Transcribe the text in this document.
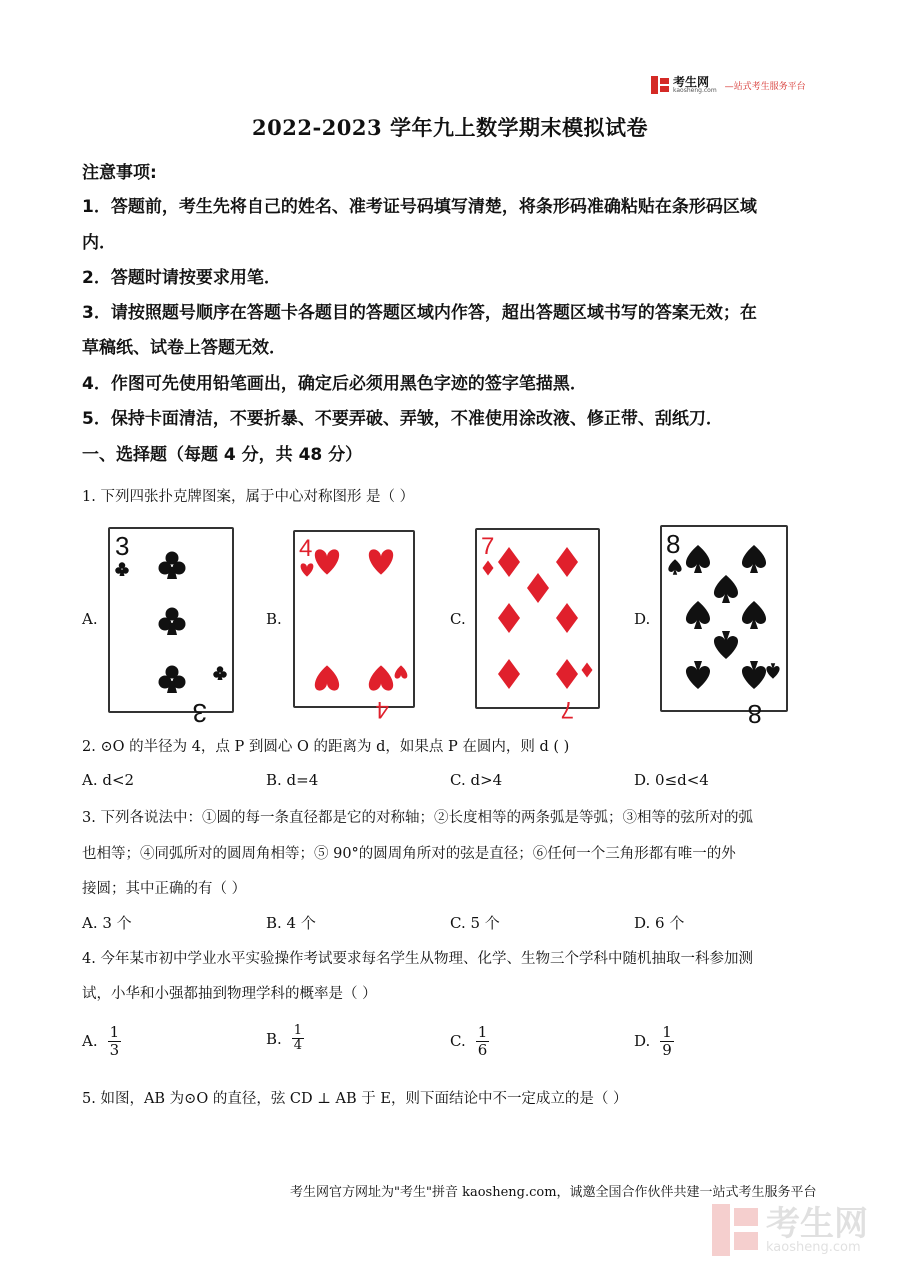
考生网
kaosheng.com —站式考生服务平台
2022-2023 学年九上数学期末模拟试卷
注意事项:
1．答题前，考生先将自己的姓名、准考证号码填写清楚，将条形码准确粘贴在条形码区域
内．
2．答题时请按要求用笔．
3．请按照题号顺序在答题卡各题目的答题区域内作答，超出答题区域书写的答案无效；在
草稿纸、试卷上答题无效．
4．作图可先使用铅笔画出，确定后必须用黑色字迹的签字笔描黑．
5．保持卡面清洁，不要折暴、不要弄破、弄皱，不准使用涂改液、修正带、刮纸刀．
一、选择题（每题 4 分，共 48 分）
1. 下列四张扑克牌图案，属于中心对称图形 是（ ）
A.
3
3
B.
4
4
C.
7
7
D.
8
8
2. ⊙O 的半径为 4，点 P 到圆心 O 的距离为 d，如果点 P 在圆内，则 d ( )
A. d<2	B. d=4	C. d>4	D. 0≤d<4
3. 下列各说法中：①圆的每一条直径都是它的对称轴；②长度相等的两条弧是等弧；③相等的弦所对的弧
也相等；④同弧所对的圆周角相等；⑤ 90°的圆周角所对的弦是直径；⑥任何一个三角形都有唯一的外
接圆；其中正确的有（ ）
A. 3 个	B. 4 个	C. 5 个	D. 6 个
4. 今年某市初中学业水平实验操作考试要求每名学生从物理、化学、生物三个学科中随机抽取一科参加测
试，小华和小强都抽到物理学科的概率是（ ）
A. $\frac{1}{3}$	B. $\frac{1}{4}$	C. $\frac{1}{6}$	D. $\frac{1}{9}$
5. 如图，AB 为⊙O 的直径，弦 CD ⊥ AB 于 E，则下面结论中不一定成立的是（ ）
考生网官方网址为"考生"拼音 kaosheng.com，诚邀全国合作伙伴共建一站式考生服务平台
考生网
kaosheng.com
